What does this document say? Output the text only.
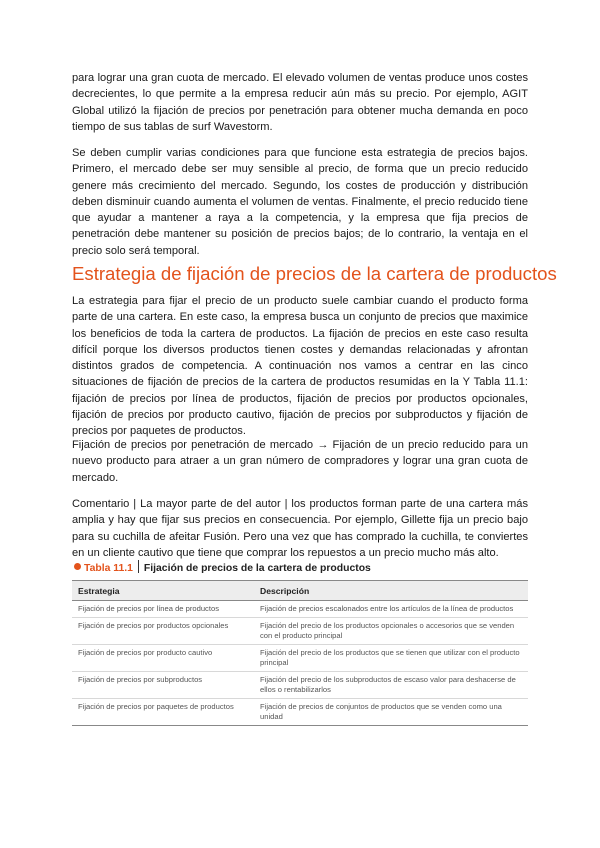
para lograr una gran cuota de mercado. El elevado volumen de ventas produce unos costes decrecientes, lo que permite a la empresa reducir aún más su precio. Por ejemplo, AGIT Global utilizó la fijación de precios por penetración para obtener mucha demanda en poco tiempo de sus tablas de surf Wavestorm.

Se deben cumplir varias condiciones para que funcione esta estrategia de precios bajos. Primero, el mercado debe ser muy sensible al precio, de forma que un precio reducido genere más crecimiento del mercado. Segundo, los costes de producción y distribución deben disminuir cuando aumenta el volumen de ventas. Finalmente, el precio reducido tiene que ayudar a mantener a raya a la competencia, y la empresa que fija precios de penetración debe mantener su posición de precios bajos; de lo contrario, la ventaja en el precio solo será temporal.

Estrategia de fijación de precios de la cartera de productos

La estrategia para fijar el precio de un producto suele cambiar cuando el producto forma parte de una cartera. En este caso, la empresa busca un conjunto de precios que maximice los beneficios de toda la cartera de productos. La fijación de precios en este caso resulta difícil porque los diversos productos tienen costes y demandas relacionadas y afrontan distintos grados de competencia. A continuación nos vamos a centrar en las cinco situaciones de fijación de precios de la cartera de productos resumidas en la Y Tabla 11.1: fijación de precios por línea de productos, fijación de precios por productos opcionales, fijación de precios por producto cautivo, fijación de precios por subproductos y fijación de precios por paquetes de productos.

Fijación de precios por penetración de mercado → Fijación de un precio reducido para un nuevo producto para atraer a un gran número de compradores y lograr una gran cuota de mercado.

Comentario | La mayor parte de del autor | los productos forman parte de una cartera más amplia y hay que fijar sus precios en consecuencia. Por ejemplo, Gillette fija un precio bajo para su cuchilla de afeitar Fusión. Pero una vez que has comprado la cuchilla, te conviertes en un cliente cautivo que tiene que comprar los repuestos a un precio mucho más alto.

Tabla 11.1 Fijación de precios de la cartera de productos
Estrategia	Descripción
Fijación de precios por línea de productos	Fijación de precios escalonados entre los artículos de la línea de productos
Fijación de precios por productos opcionales	Fijación del precio de los productos opcionales o accesorios que se venden con el producto principal
Fijación de precios por producto cautivo	Fijación del precio de los productos que se tienen que utilizar con el producto principal
Fijación de precios por subproductos	Fijación del precio de los subproductos de escaso valor para deshacerse de ellos o rentabilizarlos
Fijación de precios por paquetes de productos	Fijación de precios de conjuntos de productos que se venden como una unidad
